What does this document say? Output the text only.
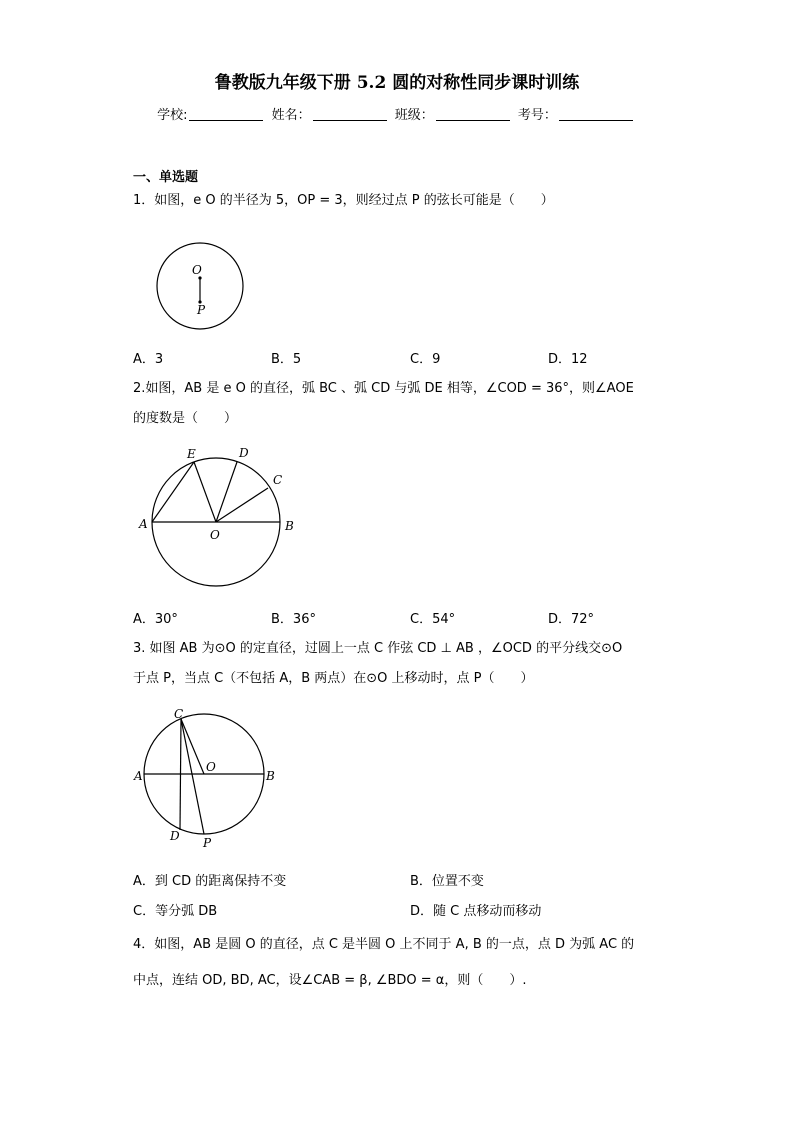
鲁教版九年级下册 5.2 圆的对称性同步课时训练
学校:	姓名：	班级：	考号：
一、单选题
1．如图，e O 的半径为 5，OP = 3，则经过点 P 的弦长可能是（　　）
O
P
A．3	B．5	C．9	D．12
2.如图，AB 是 e O 的直径，弧 BC 、弧 CD 与弧 DE 相等，∠COD = 36°，则∠AOE
的度数是（　　）
A	B
C
D
E
O
A．30°	B．36°	C．54°	D．72°
3. 如图 AB 为⊙O 的定直径，过圆上一点 C 作弦 CD ⊥ AB ，∠OCD 的平分线交⊙O
于点 P，当点 C（不包括 A，B 两点）在⊙O 上移动时，点 P（　　）
C
A	B
O
D P
A．到 CD 的距离保持不变	B．位置不变
C．等分弧 DB	D．随 C 点移动而移动
4．如图，AB 是圆 O 的直径，点 C 是半圆 O 上不同于 A, B 的一点，点 D 为弧 AC 的
中点，连结 OD, BD, AC，设∠CAB = β, ∠BDO = α，则（　　）.
